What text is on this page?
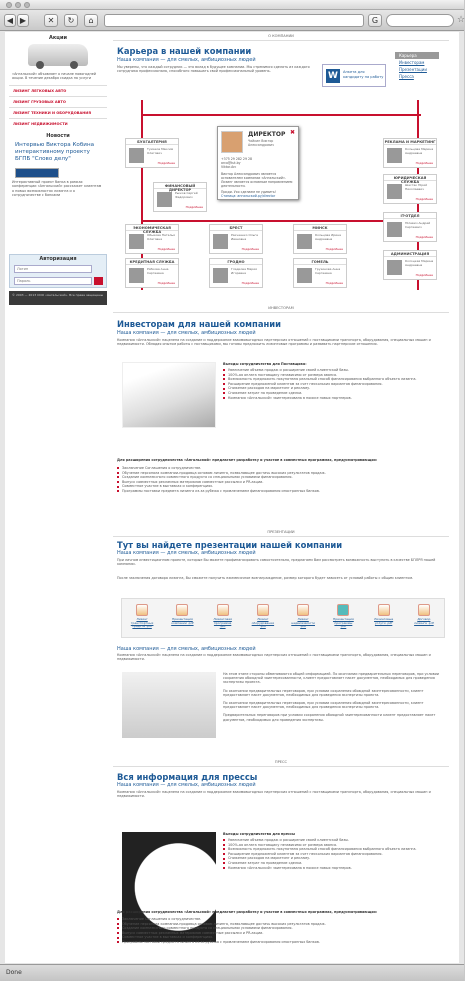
◀ ▶	✕	↻	⌂	☆
G
Акции
«Ангальский» объявляет о начале новогодней акции. В течение декабря скидка на услуги
ЛИЗИНГ ЛЕГКОВЫХ АВТО
ЛИЗИНГ ГРУЗОВЫХ АВТО
ЛИЗИНГ ТЕХНИКИ И ОБОРУДОВАНИЯ
ЛИЗИНГ НЕДВИЖИМОСТИ
Новости
Интервью Виктора Кобина интерактивному проекту БГПБ "Слово делу"
Интерактивный проект банка в рамках конференции «Ангальский» расскажет клиентам о новых возможностях лизинга и о сотрудничестве с банками
Авторизация
Логин
Пароль
© 2003 — 2013 ООО «Ангальский». Все права защищены
О КОМПАНИИ
Карьера в нашей компании
Наша компания — для смелых, амбициозных людей
Мы уверены, что каждый сотрудник — это вклад в будущее компании. Мы стремимся сделать из каждого сотрудника профессионала, способного повышать свой профессиональный уровень.	W	Анкета для кандидату на работу
Карьера
Инвесторам
Презентации
Пресса
БУХГАЛТЕРИЯ
Тумаков Максим Олегович
Подробнее
РЕКЛАМА И МАРКЕТИНГ
Кольцова Марина Андреевна
Подробнее
ФИНАНСОВЫЙ ДИРЕКТОР
Рыжов Сергей Федорович
Подробнее
ЮРИДИЧЕСКАЯ СЛУЖБА
Шестак Юрий Николаевич
Подробнее
ЭКОНОМИЧЕСКАЯ СЛУЖБА
Обыкова Наталья Олеговна
Подробнее
БРЕСТ
Ракчеенко Ольга Ивановна
Подробнее
МИНСК
Кольцова Ирина Андреевна
Подробнее
IT-ОТДЕЛ
Юлевич Андрей Сергеевич
Подробнее
КРЕДИТНАЯ СЛУЖБА
Рябкова Анна Сергеевна
Подробнее
ГРОДНО
Гладкова Мария Игоревна
Подробнее
ГОМЕЛЬ
Грузинова Анна Сергеевна
Подробнее
АДМИНИСТРАЦИЯ
Колоцкая Марина Андреевна
Подробнее
ДИРЕКТОР ✖
Чайкин Виктор Александрович
+375 29 282 29 28
arco@tut.by
Viktor.Arc
Виктор Александрович является основателем компании «Ангальский». Лизинг является основным направлением деятельности.
Приди. Ухо сделаем не удивить!
Станица: ангальский.ру/director
ИНВЕСТОРАМ
Инвесторам для нашей компании
Наша компания — для смелых, амбициозных людей
Компания «Ангальский» нацелена на создание и поддержание взаимовыгодных партнерских отношений с поставщиками транспорта, оборудования, специальных машин и недвижимости. Обладая опытом работы с поставщиками, мы готовы предложить лизинговые программы и развивать партнерские отношения.
Выгоды сотрудничества для Поставщика:
Увеличение объема продаж и расширение своей клиентской базы.
100%-ая оплата поставщику независимо от размера аванса.
Возможность предложить покупателю реальный способ финансирования выбранного объекта лизинга.
Расширение предложений клиентам за счет нескольких вариантов финансирования.
Снижение расходов на маркетинг и рекламу.
Снижение затрат на проведение сделки.
Компания «Ангальский» заинтересована в поиске новых партнеров.
Для расширения сотрудничества «Ангальский» предлагает разработку и участие в совместных программах, предусматривающих:
Заключение Соглашения о сотрудничестве.
Обучение персонала компании-продавца основам лизинга, позволяющее достичь высоких результатов продаж.
Создание комплексного совместного продукта со специальными условиями финансирования.
Выпуск совместных рекламных материалов совместные рассылки и PR-акции.
Совместное участие в выставках и конференциях.
Программы поставки предмета лизинга из-за рубежа с привлечением финансирования иностранных банков.
ПРЕЗЕНТАЦИИ
Тут вы найдете презентации нашей компании
Наша компания — для смелых, амбициозных людей
При личном инвестиционном проекте, которые Вы можете профинансировать самостоятельно, предлагаем Вам рассмотреть возможность выступить в качестве БПЛРЯ нашей компании.
После заключения договора лизинга, Вы сможете получить ежемесячное вознаграждение, размер которого будет зависеть от условий работы с общим клиентом.
Лизинг транспортных средств .pdf
Презентация компании .pdf
Лизинговая программа .pdf
Лизинг оборудования .pdf
Лизинг недвижимости .pdf
Презентация программы .pdf
Лизинговые услуги .pdf
Договор лизинга .pdf
Наша компания — для смелых, амбициозных людей
Компания «Ангальский» нацелена на создание и поддержание взаимовыгодных партнерских отношений с поставщиками транспорта, оборудования, специальных машин и недвижимости.
На этом этапе стороны обмениваются общей информацией. По окончании предварительных переговоров, при условии сохранения обоюдной заинтересованности, клиент предоставляет пакет документов, необходимых для проведения экспертизы проекта.
По окончании предварительных переговоров, при условии сохранения обоюдной заинтересованности, клиент предоставляет пакет документов, необходимых для проведения экспертизы проекта.
По окончании предварительных переговоров, при условии сохранения обоюдной заинтересованности, клиент предоставляет пакет документов, необходимых для проведения экспертизы проекта.
Предварительных переговоров при условии сохранения обоюдной заинтересованности клиент предоставляет пакет документов, необходимых для проведения экспертизы.
ПРЕСС
Вся информация для прессы
Наша компания — для смелых, амбициозных людей
Компания «Ангальский» нацелена на создание и поддержание взаимовыгодных партнерских отношений с поставщиками транспорта, оборудования, специальных машин и недвижимости.
Выгоды сотрудничества для прессы
Увеличение объема продаж и расширение своей клиентской базы.
100%-ая оплата поставщику независимо от размера аванса.
Возможность предложить покупателю реальный способ финансирования выбранного объекта лизинга.
Расширение предложений клиентам за счет нескольких вариантов финансирования.
Снижение расходов на маркетинг и рекламу.
Снижение затрат на проведение сделки.
Компания «Ангальский» заинтересована в поиске новых партнеров.
Для расширения сотрудничества «Ангальский» предлагает разработку и участие в совместных программах, предусматривающих:
Заключение Соглашения о сотрудничестве.
Обучение персонала компании-продавца основам лизинга, позволяющее достичь высоких результатов продаж.
Создание комплексного совместного продукта со специальными условиями финансирования.
Выпуск совместных рекламных материалов совместные рассылки и PR-акции.
Совместное участие в выставках и конференциях.
Программы поставки предмета лизинга из-за рубежа с привлечением финансирования иностранных банков.
Done
